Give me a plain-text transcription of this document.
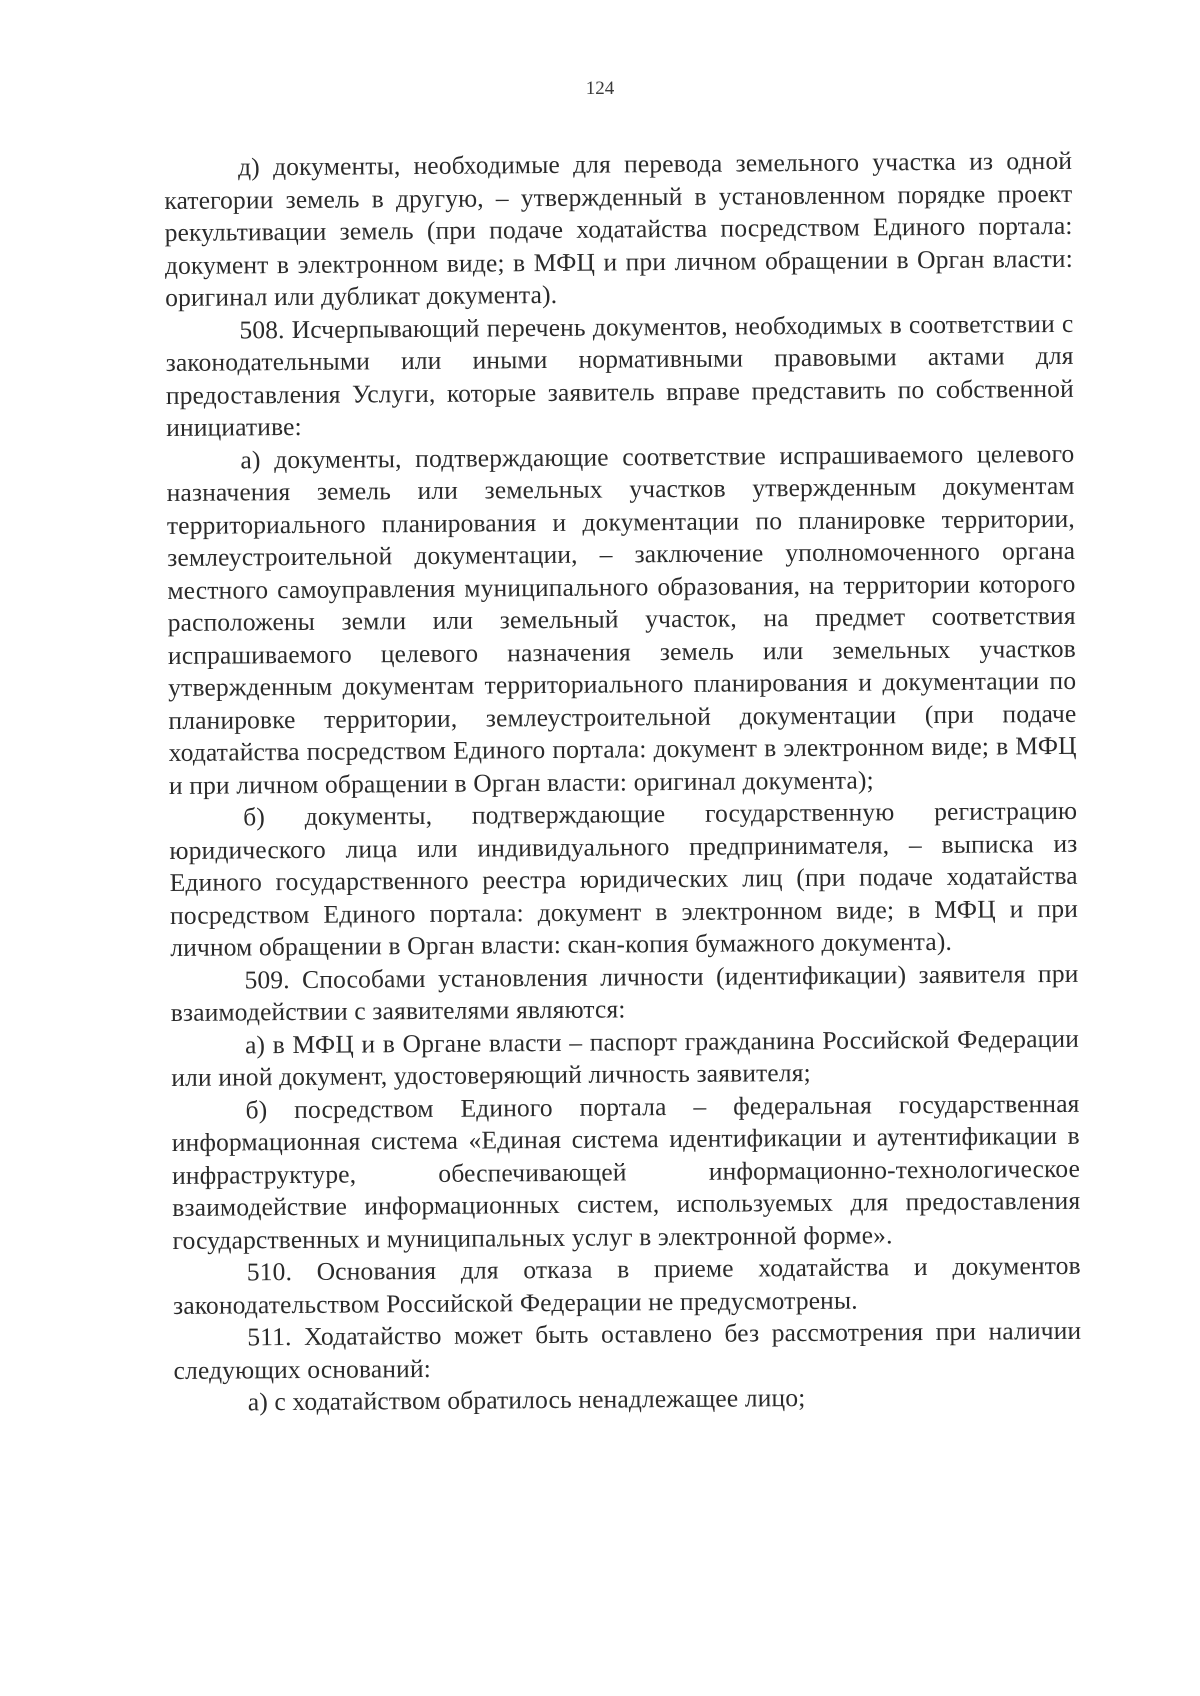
124

д) документы, необходимые для перевода земельного участка из одной категории земель в другую, – утвержденный в установленном порядке проект рекультивации земель (при подаче ходатайства посредством Единого портала: документ в электронном виде; в МФЦ и при личном обращении в Орган власти: оригинал или дубликат документа).

508. Исчерпывающий перечень документов, необходимых в соответствии с законодательными или иными нормативными правовыми актами для предоставления Услуги, которые заявитель вправе представить по собственной инициативе:

а) документы, подтверждающие соответствие испрашиваемого целевого назначения земель или земельных участков утвержденным документам территориального планирования и документации по планировке территории, землеустроительной документации, – заключение уполномоченного органа местного самоуправления муниципального образования, на территории которого расположены земли или земельный участок, на предмет соответствия испрашиваемого целевого назначения земель или земельных участков утвержденным документам территориального планирования и документации по планировке территории, землеустроительной документации (при подаче ходатайства посредством Единого портала: документ в электронном виде; в МФЦ и при личном обращении в Орган власти: оригинал документа);

б) документы, подтверждающие государственную регистрацию юридического лица или индивидуального предпринимателя, – выписка из Единого государственного реестра юридических лиц (при подаче ходатайства посредством Единого портала: документ в электронном виде; в МФЦ и при личном обращении в Орган власти: скан-копия бумажного документа).

509. Способами установления личности (идентификации) заявителя при взаимодействии с заявителями являются:

а) в МФЦ и в Органе власти – паспорт гражданина Российской Федерации или иной документ, удостоверяющий личность заявителя;

б) посредством Единого портала – федеральная государственная информационная система «Единая система идентификации и аутентификации в инфраструктуре, обеспечивающей информационно-технологическое взаимодействие информационных систем, используемых для предоставления государственных и муниципальных услуг в электронной форме».

510. Основания для отказа в приеме ходатайства и документов законодательством Российской Федерации не предусмотрены.

511. Ходатайство может быть оставлено без рассмотрения при наличии следующих оснований:

а) с ходатайством обратилось ненадлежащее лицо;
